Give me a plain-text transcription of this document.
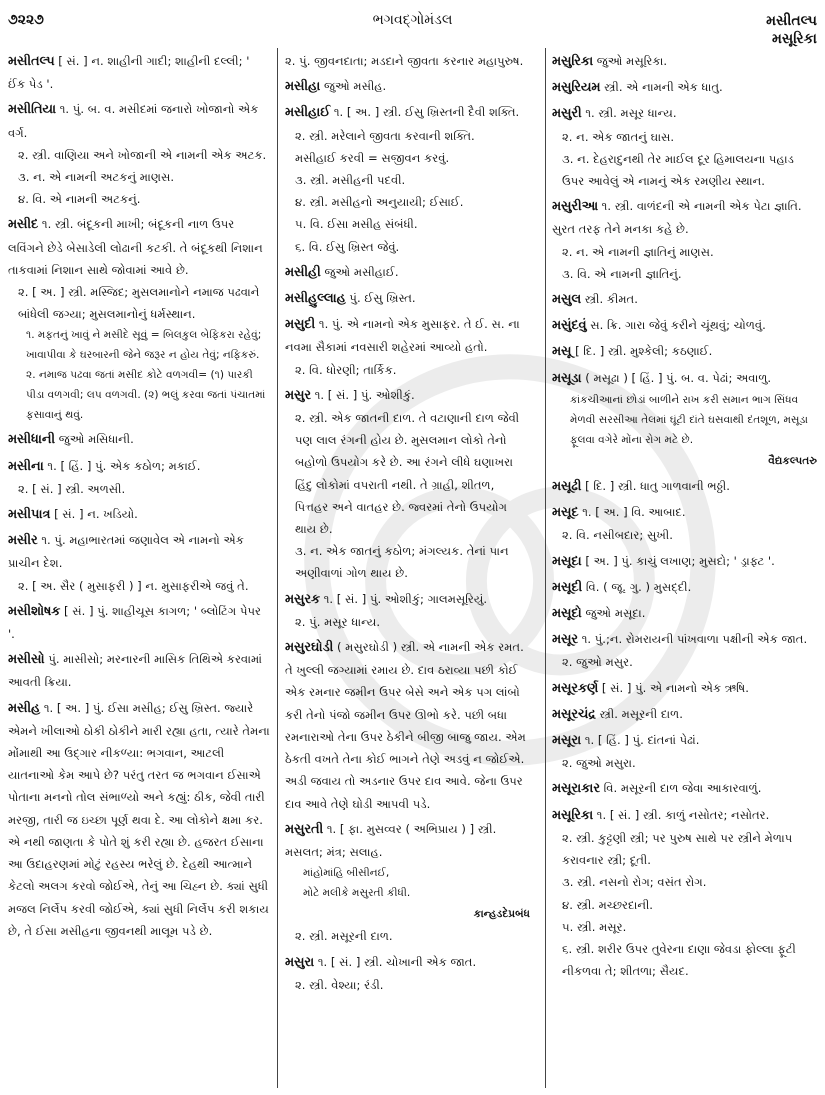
૭૨૨૭	ભગવદ્ગોમંડલ	મસીતલ્પ
મસૂરિકા
મસીતલ્પ [ સં. ] ન. શાહીની ગાદી; શાહીની દલ્લી; ' ઈંક પેડ '.
મસીતિયા ૧. પું. બ. વ. મસીદમાં જનારો ખોજાનો એક વર્ગ.
૨. સ્ત્રી. વાણિયા અને ખોજાની એ નામની એક અટક.
૩. ન. એ નામની અટકનું માણસ.
૪. વિ. એ નામની અટકનું.
મસીદ ૧. સ્ત્રી. બંદૂકની માખી; બંદૂકની નાળ ઉપર લવિંગને છેડે બેસાડેલી લોઢાની કટકી. તે બંદૂકથી નિશાન તાકવામાં નિશાન સાથે જોવામાં આવે છે.
૨. [ અ. ] સ્ત્રી. મસ્જિદ; મુસલમાનોને નમાજ પઢવાને બાંધેલી જગ્યા; મુસલમાનોનું ધર્મસ્થાન.
૧. મફતનું ખાવું ને મસીદે સૂવું = બિલકુલ બેફિકરા રહેવું; ખાવાપીવા કે ઘરબારની જેને જરૂર ન હોય તેવું; નફિકરું.
૨. નમાજ પઢવા જતાં મસીદ કોટે વળગવી= (૧) પારકી પીડા વળગવી; લપ વળગવી. (૨) ભલું કરવા જતાં પંચાતમાં ફસાવાનું થવું.
મસીધાની જુઓ મસિધાની.
મસીના ૧. [ હિં. ] પું. એક કઠોળ; મકાઈ.
૨. [ સં. ] સ્ત્રી. અળસી.
મસીપાત્ર [ સં. ] ન. ખડિયો.
મસીર ૧. પું. મહાભારતમાં જણાવેલ એ નામનો એક પ્રાચીન દેશ.
૨. [ અ. સૈર ( મુસાફરી ) ] ન. મુસાફરીએ જવું તે.
મસીશોષક [ સં. ] પું. શાહીચૂસ કાગળ; ' બ્લોટિંગ પેપર '.
મસીસો પું. માસીસો; મરનારની માસિક તિથિએ કરવામાં આવતી ક્રિયા.
મસીહ ૧. [ અ. ] પું. ઈસા મસીહ; ઈસુ ખ્રિસ્ત. જ્યારે એમને ખીલાઓ ઠોકી ઠોકીને મારી રહ્યા હતા, ત્યારે તેમના મોંમાથી આ ઉદ્‌ગાર નીકળ્યા: ભગવાન, આટલી યાતનાઓ કેમ આપે છે? પરંતુ તરત જ ભગવાન ઈસાએ પોતાના મનનો તોલ સંભાળ્યો અને કહ્યું: ઠીક, જેવી તારી મરજી, તારી જ ઇચ્છા પૂર્ણ થવા દે. આ લોકોને ક્ષમા કર. એ નથી જાણતા કે પોતે શું કરી રહ્યા છે. હજરત ઈસાના આ ઉદાહરણમાં મોટું રહસ્ય ભરેલું છે. દેહથી આત્માને કેટલો અલગ કરવો જોઈએ, તેનું આ ચિહ્ન છે. ક્યાં સુધી મજલ નિર્લેપ કરવી જોઈએ, ક્યાં સુધી નિર્લેપ કરી શકાય છે, તે ઈસા મસીહના જીવનથી માલૂમ પડે છે.
૨. પું. જીવનદાતા; મડદાને જીવતા કરનાર મહાપુરુષ.
મસીહા જુઓ મસીહ.
મસીહાઈ ૧. [ અ. ] સ્ત્રી. ઈસુ ખ્રિસ્તની દૈવી શક્તિ.
૨. સ્ત્રી. મરેલાને જીવતા કરવાની શક્તિ.
મસીહાઈ કરવી = સજીવન કરવું.
૩. સ્ત્રી. મસીહની પદવી.
૪. સ્ત્રી. મસીહનો અનુયાયી; ઈસાઈ.
૫. વિ. ઈસા મસીહ સંબંધી.
૬. વિ. ઈસુ ખ્રિસ્ત જેવું.
મસીહી જુઓ મસીહાઈ.
મસીહુલ્લાહ પું. ઈસુ ખ્રિસ્ત.
મસુદી ૧. પું. એ નામનો એક મુસાફર. તે ઈ. સ. ના નવમા સૈકામાં નવસારી શહેરમાં આવ્યો હતો.
૨. વિ. ધોરણી; તાર્કિક.
મસુર ૧. [ સં. ] પું. ઓશીકું.
૨. સ્ત્રી. એક જાતની દાળ. તે વટાણાની દાળ જેવી પણ લાલ રંગની હોય છે. મુસલમાન લોકો તેનો બહોળો ઉપયોગ કરે છે. આ રંગને લીધે ઘણાખરા હિંદુ લોકોમાં વપરાતી નથી. તે ગ્રાહી, શીતળ, પિત્તહર અને વાતહર છે. જ્વરમાં તેનો ઉપયોગ થાય છે.
૩. ન. એક જાતનું કઠોળ; મંગલ્યક. તેનાં પાન અણીવાળાં ગોળ થાય છે.
મસુરક ૧. [ સં. ] પું. ઓશીકું; ગાલમસૂરિયું.
૨. પું. મસૂર ધાન્ય.
મસુરઘોડી ( મસુરઘોડી ) સ્ત્રી. એ નામની એક રમત. તે ખુલ્લી જગ્યામાં રમાય છે. દાવ ઠરાવ્યા પછી કોઈ એક રમનાર જમીન ઉપર બેસે અને એક પગ લાંબો કરી તેનો પંજો જમીન ઉપર ઊભો કરે. પછી બધા રમનારાઓ તેના ઉપર ઠેકીને બીજી બાજુ જાય. એમ ઠેકતી વખતે તેના કોઈ ભાગને તેણે અડવું ન જોઈએ. અડી જવાય તો અડનાર ઉપર દાવ આવે. જેના ઉપર દાવ આવે તેણે ઘોડી આપવી પડે.
મસુરતી ૧. [ ફા. મુસવ્વર ( અભિપ્રાય ) ] સ્ત્રી. મસલત; મંત્ર; સલાહ.
માંહોમાંહિ બીસીનઈ,
મોટે મલીકે મસુરતી કીધી.
કાન્હડદેપ્રબંધ
૨. સ્ત્રી. મસૂરની દાળ.
મસુરા ૧. [ સં. ] સ્ત્રી. ચોખાની એક જાત.
૨. સ્ત્રી. વેશ્યા; રંડી.
મસુરિકા જુઓ મસૂરિકા.
મસુરિયમ સ્ત્રી. એ નામની એક ધાતુ.
મસુરી ૧. સ્ત્રી. મસૂર ધાન્ય.
૨. ન. એક જાતનું ઘાસ.
૩. ન. દેહરાદુનથી તેર માઈલ દૂર હિમાલયના પહાડ ઉપર આવેલું એ નામનું એક રમણીય સ્થાન.
મસુરીઆ ૧. સ્ત્રી. વાળંદની એ નામની એક પેટા જ્ઞાતિ. સુરત તરફ તેને મનકા કહે છે.
૨. ન. એ નામની જ્ઞાતિનું માણસ.
૩. વિ. એ નામની જ્ઞાતિનું.
મસુલ સ્ત્રી. કીમત.
મસુંદવું સ. ક્રિ. ગારા જેવું કરીને ચૂંથવું; ચોળવું.
મસૂ [ દિ. ] સ્ત્રી. મુશ્કેલી; કઠણાઈ.
મસૂડા ( મસૂઢા ) [ હિં. ] પું. બ. વ. પેઢાં; અવાળુ.
કાંકચીઆનાં છોડાં બાળીને રાખ કરી સમાન ભાગ સિંધવ મેળવી સરસીઆ તેલમાં ઘૂંટી દાંતે ઘસવાથી દંતશૂળ, મસૂડા ફૂલવા વગેરે મોંના રોગ મટે છે.
વૈદ્યકલ્પતરુ
મસૂઢી [ દિ. ] સ્ત્રી. ધાતુ ગાળવાની ભઠ્ઠી.
મસૂદ ૧. [ અ. ] વિ. આબાદ.
૨. વિ. નસીબદાર; સુખી.
મસૂદા [ અ. ] પું. કાચું લખાણ; મુસદો; ' ડ્રાફ્ટ '.
મસૂદી વિ. ( જૂ. ગુ. ) મુસદ્દી.
મસૂદો જુઓ મસૂદા.
મસૂર ૧. પું.;ન. રોમરાયની પાંખવાળા પક્ષીની એક જાત.
૨. જુઓ મસુર.
મસૂરકર્ણ [ સં. ] પું. એ નામનો એક ઋષિ.
મસૂરચંદ્ર સ્ત્રી. મસૂરની દાળ.
મસૂરા ૧. [ હિં. ] પું. દાંતનાં પેઢાં.
૨. જુઓ મસુરા.
મસૂરાકાર વિ. મસૂરની દાળ જેવા આકારવાળું.
મસૂરિકા ૧. [ સં. ] સ્ત્રી. કાળું નસોતર; નસોતર.
૨. સ્ત્રી. કુટ્ટણી સ્ત્રી; પર પુરુષ સાથે પર સ્ત્રીને મેળાપ કરાવનાર સ્ત્રી; દૂતી.
૩. સ્ત્રી. નસનો રોગ; વસંત રોગ.
૪. સ્ત્રી. મચ્છરદાની.
૫. સ્ત્રી. મસૂર.
૬. સ્ત્રી. શરીર ઉપર તુવેરના દાણા જેવડા ફોલ્લા ફૂટી નીકળવા તે; શીતળા; સૈયદ.
